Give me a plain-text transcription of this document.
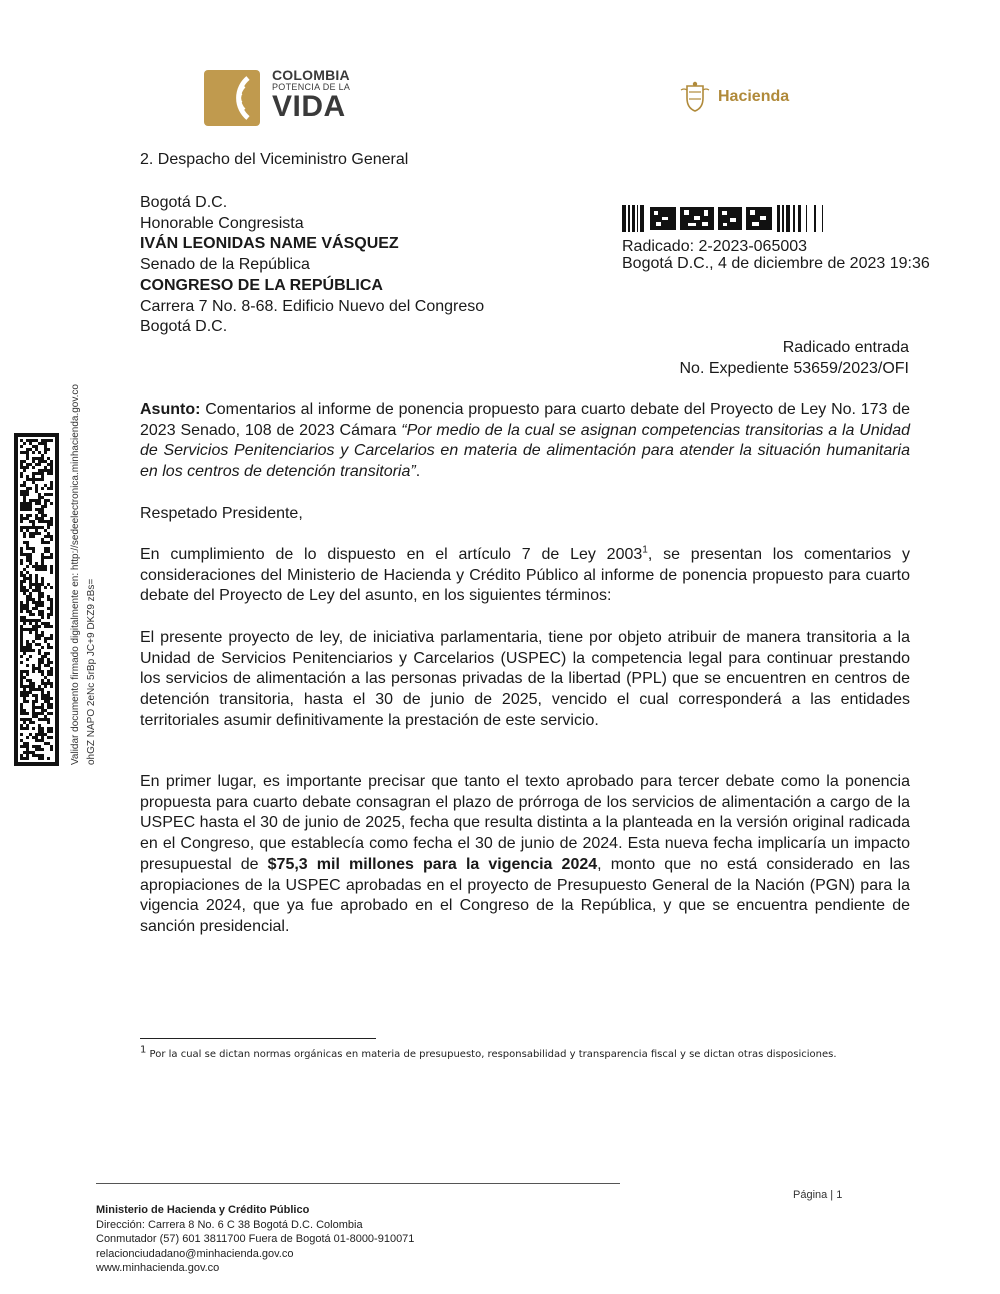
COLOMBIA
POTENCIA DE LA
VIDA	Hacienda
2. Despacho del Viceministro General
Bogotá D.C.
Honorable Congresista
IVÁN LEONIDAS NAME VÁSQUEZ
Senado de la República
CONGRESO DE LA REPÚBLICA
Carrera 7 No. 8-68. Edificio Nuevo del Congreso
Bogotá D.C.
Radicado: 2-2023-065003
Bogotá D.C., 4 de diciembre de 2023 19:36
Radicado entrada
No. Expediente 53659/2023/OFI
Asunto: Comentarios al informe de ponencia propuesto para cuarto debate del Proyecto de Ley No. 173 de 2023 Senado, 108 de 2023 Cámara “Por medio de la cual se asignan competencias transitorias a la Unidad de Servicios Penitenciarios y Carcelarios en materia de alimentación para atender la situación humanitaria en los centros de detención transitoria”.
Respetado Presidente,
En cumplimiento de lo dispuesto en el artículo 7 de Ley 2003$^1$, se presentan los comentarios y consideraciones del Ministerio de Hacienda y Crédito Público al informe de ponencia propuesto para cuarto debate del Proyecto de Ley del asunto, en los siguientes términos:
El presente proyecto de ley, de iniciativa parlamentaria, tiene por objeto atribuir de manera transitoria a la Unidad de Servicios Penitenciarios y Carcelarios (USPEC) la competencia legal para continuar prestando los servicios de alimentación a las personas privadas de la libertad (PPL) que se encuentren en centros de detención transitoria, hasta el 30 de junio de 2025, vencido el cual corresponderá a las entidades territoriales asumir definitivamente la prestación de este servicio.
En primer lugar, es importante precisar que tanto el texto aprobado para tercer debate como la ponencia propuesta para cuarto debate consagran el plazo de prórroga de los servicios de alimentación a cargo de la USPEC hasta el 30 de junio de 2025, fecha que resulta distinta a la planteada en la versión original radicada en el Congreso, que establecía como fecha el 30 de junio de 2024. Esta nueva fecha implicaría un impacto presupuestal de $75,3 mil millones para la vigencia 2024, monto que no está considerado en las apropiaciones de la USPEC aprobadas en el proyecto de Presupuesto General de la Nación (PGN) para la vigencia 2024, que ya fue aprobado en el Congreso de la República, y que se encuentra pendiente de sanción presidencial.
$^1$ Por la cual se dictan normas orgánicas en materia de presupuesto, responsabilidad y transparencia fiscal y se dictan otras disposiciones.
Validar documento firmado digitalmente en: http://sedeelectronica.minhacienda.gov.co ohGZ NAPO 2eNc 5rBp JC+9 DKZ9 zBs=
Página | 1
Ministerio de Hacienda y Crédito Público
Dirección: Carrera 8 No. 6 C 38 Bogotá D.C. Colombia
Conmutador (57) 601 3811700 Fuera de Bogotá 01-8000-910071
relacionciudadano@minhacienda.gov.co
www.minhacienda.gov.co
